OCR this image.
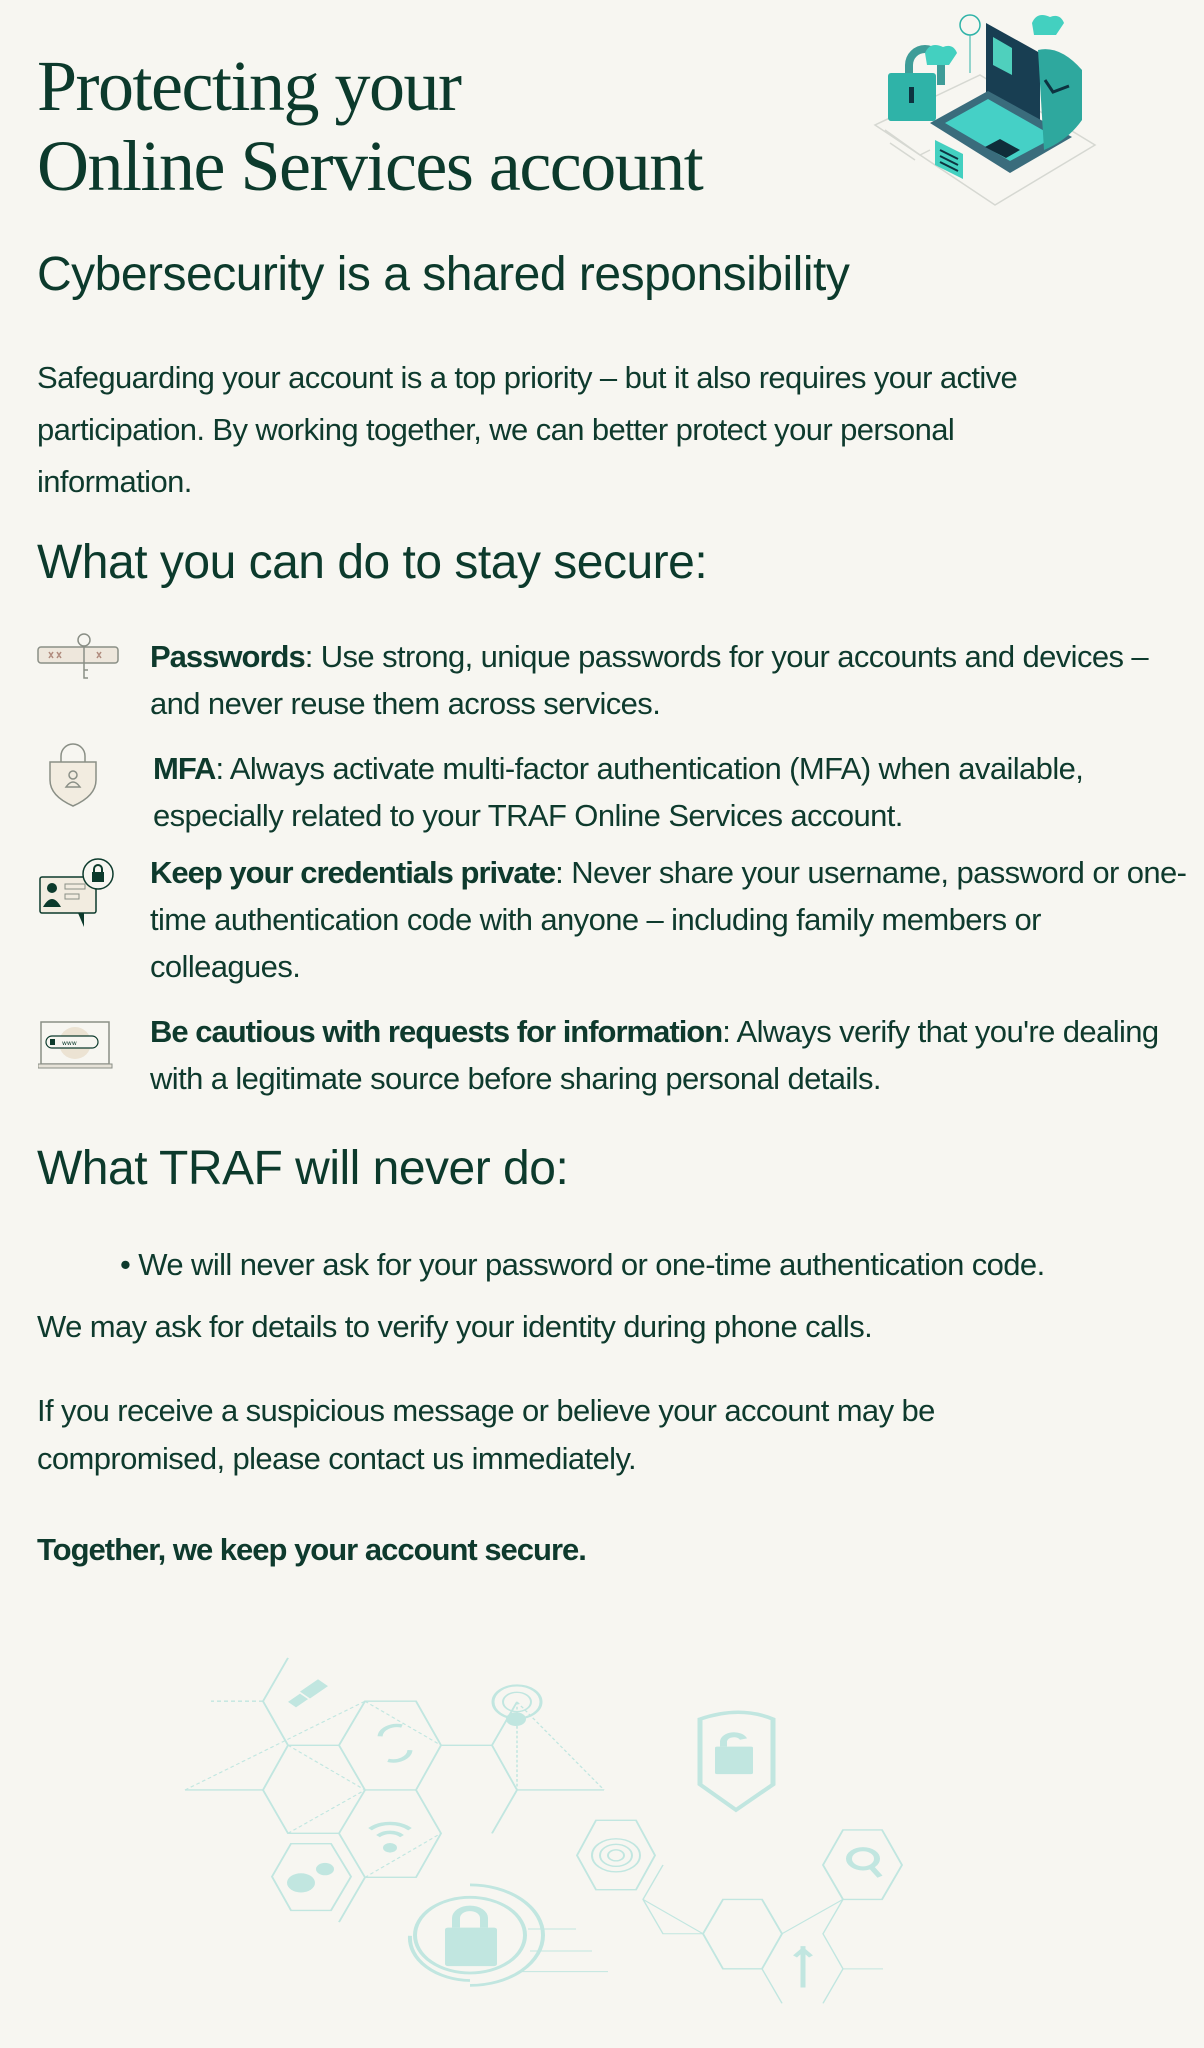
Protecting your
Online Services account
Cybersecurity is a shared responsibility

Safeguarding your account is a top priority – but it also requires your active participation. By working together, we can better protect your personal information.

What you can do to stay secure:
Passwords: Use strong, unique passwords for your accounts and devices – and never reuse them across services.
MFA: Always activate multi-factor authentication (MFA) when available, especially related to your TRAF Online Services account.
Keep your credentials private: Never share your username, password or one-time authentication code with anyone – including family members or colleagues.
www Be cautious with requests for information: Always verify that you're dealing with a legitimate source before sharing personal details.
What TRAF will never do:
• We will never ask for your password or one-time authentication code.

We may ask for details to verify your identity during phone calls.

If you receive a suspicious message or believe your account may be compromised, please contact us immediately.

Together, we keep your account secure.
